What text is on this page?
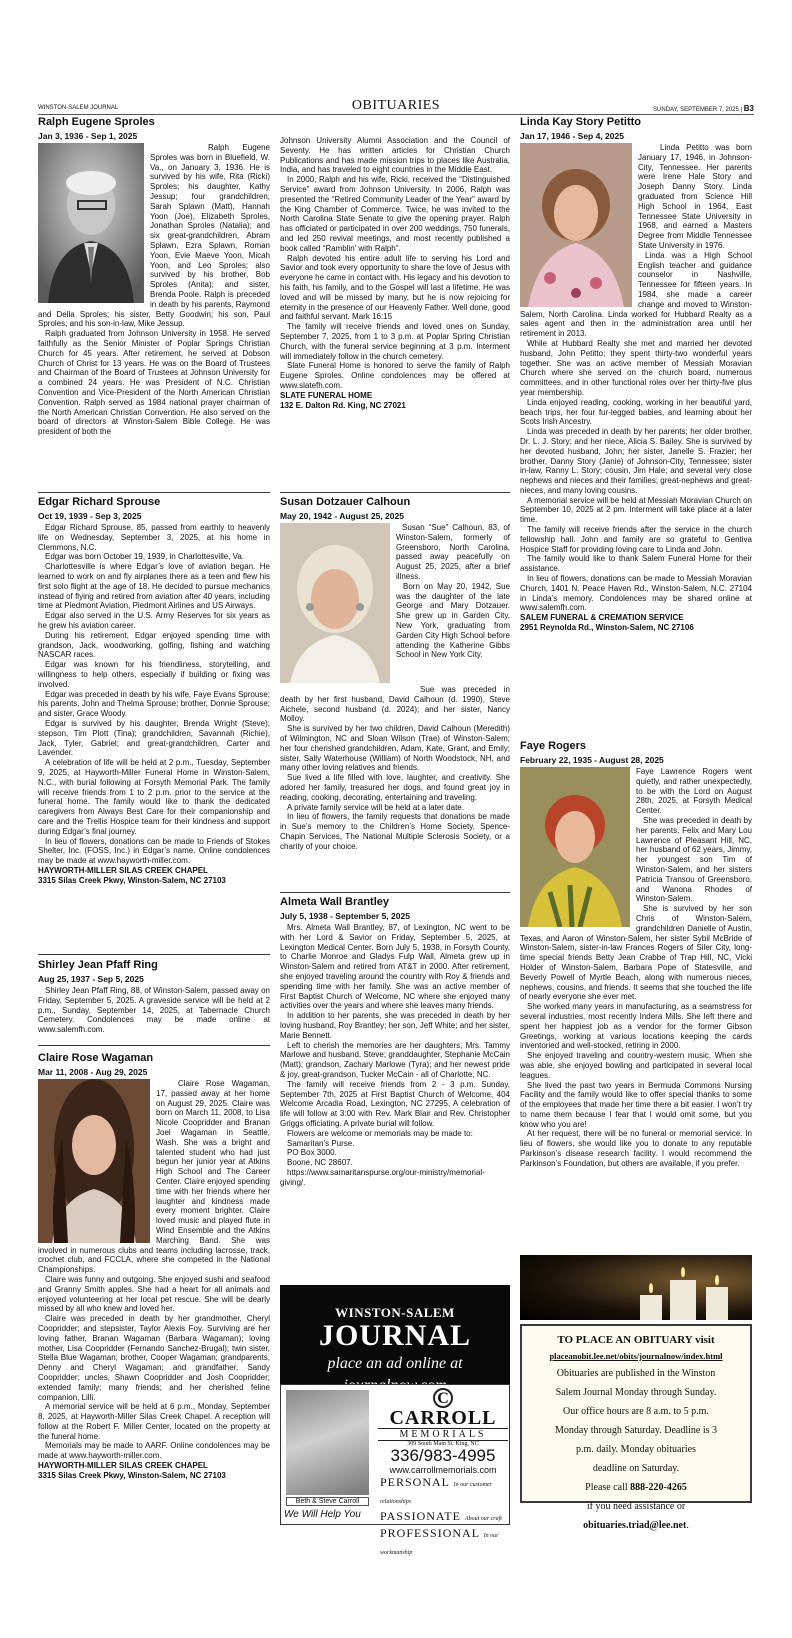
WINSTON-SALEM JOURNAL	OBITUARIES	SUNDAY, SEPTEMBER 7, 2025 | B3
Ralph Eugene Sproles
Jan 3, 1936 - Sep 1, 2025

Ralph Eugene Sproles was born in Bluefield, W. Va., on January 3, 1936. He is survived by his wife, Rita (Ricki) Sproles; his daughter, Kathy Jessup; four grandchildren, Sarah Splawn (Matt), Hannah Yoon (Joe), Elizabeth Sproles, Jonathan Sproles (Natalia); and six great-grandchildren, Abram Splawn, Ezra Splawn, Roman Yoon, Evie Maeve Yoon, Micah Yoon, and Leo Sproles; also survived by his brother, Bob Sproles (Anita); and sister, Brenda Poole. Ralph is preceded in death by his parents, Raymond and Della Sproles; his sister, Betty Goodwin; his son, Paul Sproles; and his son-in-law, Mike Jessup.

Ralph graduated from Johnson University in 1958. He served faithfully as the Senior Minister of Poplar Springs Christian Church for 45 years. After retirement, he served at Dobson Church of Christ for 13 years. He was on the Board of Trustees and Chairman of the Board of Trustees at Johnson University for a combined 24 years. He was President of N.C. Christian Convention and Vice-President of the North American Christian Convention. Ralph served as 1984 national prayer chairman of the North American Christian Convention. He also served on the board of directors at Winston-Salem Bible College. He was president of both the

Johnson University Alumni Association and the Council of Seventy. He has written articles for Christian Church Publications and has made mission trips to places like Australia, India, and has traveled to eight countries in the Middle East.

In 2000, Ralph and his wife, Ricki, received the “Distinguished Service” award from Johnson University. In 2006, Ralph was presented the “Retired Community Leader of the Year” award by the King Chamber of Commerce. Twice, he was invited to the North Carolina State Senate to give the opening prayer. Ralph has officiated or participated in over 200 weddings, 750 funerals, and led 250 revival meetings, and most recently published a book called “Ramblin’ with Ralph”.

Ralph devoted his entire adult life to serving his Lord and Savior and took every opportunity to share the love of Jesus with everyone he came in contact with. His legacy and his devotion to his faith, his family, and to the Gospel will last a lifetime. He was loved and will be missed by many, but he is now rejoicing for eternity in the presence of our Heavenly Father. Well done, good and faithful servant. Mark 16:15

The family will receive friends and loved ones on Sunday, September 7, 2025, from 1 to 3 p.m. at Poplar Spring Christian Church, with the funeral service beginning at 3 p.m. Interment will immediately follow in the church cemetery.

Slate Funeral Home is honored to serve the family of Ralph Eugene Sproles. Online condolences may be offered at www.slatefh.com.

SLATE FUNERAL HOME
132 E. Dalton Rd. King, NC 27021
Edgar Richard Sprouse
Oct 19, 1939 - Sep 3, 2025

Edgar Richard Sprouse, 85, passed from earthly to heavenly life on Wednesday, September 3, 2025, at his home in Clemmons, N.C.

Edgar was born October 19, 1939, in Charlottesville, Va.

Charlottesville is where Edgar’s love of aviation began. He learned to work on and fly airplanes there as a teen and flew his first solo flight at the age of 18. He decided to pursue mechanics instead of flying and retired from aviation after 40 years, including time at Piedmont Aviation, Piedmont Airlines and US Airways.

Edgar also served in the U.S. Army Reserves for six years as he grew his aviation career.

During his retirement, Edgar enjoyed spending time with grandson, Jack, woodworking, golfing, fishing and watching NASCAR races.

Edgar was known for his friendliness, storytelling, and willingness to help others, especially if building or fixing was involved.

Edgar was preceded in death by his wife, Faye Evans Sprouse; his parents, John and Thelma Sprouse; brother, Donnie Sprouse; and sister, Grace Woody.

Edgar is survived by his daughter, Brenda Wright (Steve); stepson, Tim Plott (Tina); grandchildren, Savannah (Richie), Jack, Tyler, Gabriel; and great-grandchildren, Carter and Lavender.

A celebration of life will be held at 2 p.m., Tuesday, September 9, 2025, at Hayworth-Miller Funeral Home in Winston-Salem, N.C., with burial following at Forsyth Memorial Park. The family will receive friends from 1 to 2 p.m. prior to the service at the funeral home. The family would like to thank the dedicated caregivers from Always Best Care for their companionship and care and the Trellis Hospice team for their kindness and support during Edgar’s final journey.

In lieu of flowers, donations can be made to Friends of Stokes Shelter, Inc. (FOSS, Inc.) in Edgar’s name. Online condolences may be made at www.hayworth-miller.com.

HAYWORTH-MILLER SILAS CREEK CHAPEL
3315 Silas Creek Pkwy, Winston-Salem, NC 27103
Shirley Jean Pfaff Ring
Aug 25, 1937 - Sep 5, 2025

Shirley Jean Pfaff Ring, 88, of Winston-Salem, passed away on Friday, September 5, 2025. A graveside service will be held at 2 p.m., Sunday, September 14, 2025, at Tabernacle Church Cemetery. Condolences may be made online at www.salemfh.com.

Claire Rose Wagaman
Mar 11, 2008 - Aug 29, 2025

Claire Rose Wagaman, 17, passed away at her home on August 29, 2025. Claire was born on March 11, 2008, to Lisa Nicole Coopridder and Branan Joel Wagaman in Seattle, Wash. She was a bright and talented student who had just begun her junior year at Atkins High School and The Career Center. Claire enjoyed spending time with her friends where her laughter and kindness made every moment brighter. Claire loved music and played flute in Wind Ensemble and the Atkins Marching Band. She was involved in numerous clubs and teams including lacrosse, track, crochet club, and FCCLA, where she competed in the National Championships.

Claire was funny and outgoing. She enjoyed sushi and seafood and Granny Smith apples. She had a heart for all animals and enjoyed volunteering at her local pet rescue. She will be dearly missed by all who knew and loved her.

Claire was preceded in death by her grandmother, Cheryl Coopridder; and stepsister, Taylor Alexis Foy. Surviving are her loving father, Branan Wagaman (Barbara Wagaman); loving mother, Lisa Coopridder (Fernando Sanchez-Brugal); twin sister, Stella Blue Wagaman; brother, Cooper Wagaman; grandparents, Denny and Cheryl Wagaman; and grandfather, Sandy Coopridder; uncles, Shawn Coopridder and Josh Coopridder; extended family; many friends; and her cherished feline companion, Lilli.

A memorial service will be held at 6 p.m., Monday, September 8, 2025, at Hayworth-Miller Silas Creek Chapel. A reception will follow at the Robert F. Miller Center, located on the property at the funeral home.

Memorials may be made to AARF. Online condolences may be made at www.hayworth-miller.com.

HAYWORTH-MILLER SILAS CREEK CHAPEL
3315 Silas Creek Pkwy, Winston-Salem, NC 27103
Susan Dotzauer Calhoun
May 20, 1942 - August 25, 2025

Susan “Sue” Calhoun, 83, of Winston-Salem, formerly of Greensboro, North Carolina, passed away peacefully on August 25, 2025, after a brief illness.

Born on May 20, 1942, Sue was the daughter of the late George and Mary Dotzauer. She grew up in Garden City, New York, graduating from Garden City High School before attending the Katherine Gibbs School in New York City.

Sue was preceded in death by her first husband, David Calhoun (d. 1990), Steve Aichele, second husband (d. 2024); and her sister, Nancy Molloy.

She is survived by her two children, David Calhoun (Meredith) of Wilmington, NC and Sloan Wilson (Trae) of Winston-Salem; her four cherished grandchildren, Adam, Kate, Grant, and Emily; sister, Sally Waterhouse (William) of North Woodstock, NH, and many other loving relatives and friends.

Sue lived a life filled with love, laughter, and creativity. She adored her family, treasured her dogs, and found great joy in reading, cooking, decorating, entertaining and traveling.

A private family service will be held at a later date.

In lieu of flowers, the family requests that donations be made in Sue’s memory to the Children’s Home Society, Spence-Chapin Services, The National Multiple Sclerosis Society, or a charity of your choice.

Almeta Wall Brantley
July 5, 1938 - September 5, 2025

Mrs. Almeta Wall Brantley, 87, of Lexington, NC went to be with her Lord & Savior on Friday, September 5, 2025, at Lexington Medical Center. Born July 5, 1938, in Forsyth County, to Charlie Monroe and Gladys Fulp Wall, Almeta grew up in Winston-Salem and retired from AT&T in 2000. After retirement, she enjoyed traveling around the country with Roy & friends and spending time with her family. She was an active member of First Baptist Church of Welcome, NC where she enjoyed many activities over the years and where she leaves many friends.

In addition to her parents, she was preceded in death by her loving husband, Roy Brantley; her son, Jeff White; and her sister, Marie Bennett.

Left to cherish the memories are her daughters, Mrs. Tammy Marlowe and husband, Steve; granddaughter, Stephanie McCain (Matt); grandson, Zachary Marlowe (Tyra); and her newest pride & joy, great-grandson, Tucker McCain - all of Charlotte, NC.

The family will receive friends from 2 - 3 p.m. Sunday, September 7th, 2025 at First Baptist Church of Welcome, 404 Welcome Arcadia Road, Lexington, NC 27295. A celebration of life will follow at 3:00 with Rev. Mark Blair and Rev. Christopher Griggs officiating. A private burial will follow.

Flowers are welcome or memorials may be made to:

Samaritan’s Purse.

PO Box 3000.

Boone, NC 28607.

https://www.samaritanspurse.org/our-ministry/memorial-giving/.

WINSTON-SALEM
JOURNAL
place an ad online at
Beth & Steve Carroll
We Will Help You
C
CARROLL
MEMORIALS
309 South Main St. King, NC
336/983-4995
www.carrollmemorials.com
PERSONAL In our customer relationships
PASSIONATE About our craft
PROFESSIONAL In our workmanship
Linda Kay Story Petitto
Jan 17, 1946 - Sep 4, 2025

Linda Petitto was born January 17, 1946, in Johnson-City, Tennessee. Her parents were Irene Hale Story and Joseph Danny Story. Linda graduated from Science Hill High School in 1964, East Tennessee State University in 1968, and earned a Masters Degree from Middle Tennessee State University in 1976.

Linda was a High School English teacher and guidance counselor in Nashville, Tennessee for fifteen years. In 1984, she made a career change and moved to Winston-Salem, North Carolina. Linda worked for Hubbard Realty as a sales agent and then in the administration area until her retirement in 2013.

While at Hubbard Realty she met and married her devoted husband, John Petitto; they spent thirty-two wonderful years together. She was an active member of Messiah Moravian Church where she served on the church board, numerous committees, and in other functional roles over her thirty-five plus year membership.

Linda enjoyed reading, cooking, working in her beautiful yard, beach trips, her four fur-legged babies, and learning about her Scots Irish Ancestry.

Linda was preceded in death by her parents; her older brother, Dr. L. J. Story; and her niece, Alicia S. Bailey. She is survived by her devoted husband, John; her sister, Janelle S. Frazier; her brother, Danny Story (Janie) of Johnson-City, Tennessee; sister in-law, Ranny L. Story; cousin, Jim Hale; and several very close nephews and nieces and their families; great-nephews and great-nieces, and many loving cousins.

A memorial service will be held at Messiah Moravian Church on September 10, 2025 at 2 pm. Interment will take place at a later time.

The family will receive friends after the service in the church fellowship hall. John and family are so grateful to Gentiva Hospice Staff for providing loving care to Linda and John.

The family would like to thank Salem Funeral Home for their assistance.

In lieu of flowers, donations can be made to Messiah Moravian Church, 1401 N. Peace Haven Rd., Winston-Salem, N.C. 27104 in Linda’s memory. Condolences may be shared online at www.salemfh.com.

SALEM FUNERAL & CREMATION SERVICE
2951 Reynolda Rd., Winston-Salem, NC 27106
Faye Rogers
February 22, 1935 - August 28, 2025

Faye Lawrence Rogers went quietly, and rather unexpectedly, to be with the Lord on August 28th, 2025, at Forsyth Medical Center.

She was preceded in death by her parents, Felix and Mary Lou Lawrence of Pleasant Hill, NC, her husband of 62 years, Jimmy, her youngest son Tim of Winston-Salem, and her sisters Patricia Transou of Greensboro, and Wanona Rhodes of Winston-Salem.

She is survived by her son Chris of Winston-Salem, grandchildren Danielle of Austin, Texas, and Aaron of Winston-Salem, her sister Sybil McBride of Winston-Salem, sister-in-law Frances Rogers of Siler City, long-time special friends Betty Jean Crabbe of Trap Hill, NC, Vicki Holder of Winston-Salem, Barbara Pope of Statesville, and Beverly Powell of Myrtle Beach, along with numerous nieces, nephews, cousins, and friends. It seems that she touched the life of nearly everyone she ever met.

She worked many years in manufacturing, as a seamstress for several industries, most recently Indera Mills. She left there and spent her happiest job as a vendor for the former Gibson Greetings, working at various locations keeping the cards inventoried and well-stocked, retiring in 2000.

She enjoyed traveling and country-western music. When she was able, she enjoyed bowling and participated in several local leagues.

She lived the past two years in Bermuda Commons Nursing Facility and the family would like to offer special thanks to some of the employees that made her time there a bit easier. I won’t try to name them because I fear that I would omit some, but you know who you are!

At her request, there will be no funeral or memorial service. In lieu of flowers, she would like you to donate to any reputable Parkinson’s disease research facility. I would recommend the Parkinson’s Foundation, but others are available, if you prefer.

TO PLACE AN OBITUARY visit
placeanobit.lee.net/obits/journalnow/index.html
Obituaries are published in the Winston
Salem Journal Monday through Sunday.
Our office hours are 8 a.m. to 5 p.m.
Monday through Saturday. Deadline is 3
p.m. daily. Monday obituaries
deadline on Saturday.
Please call 888-220-4265
if you need assistance or
obituaries.triad@lee.net.
